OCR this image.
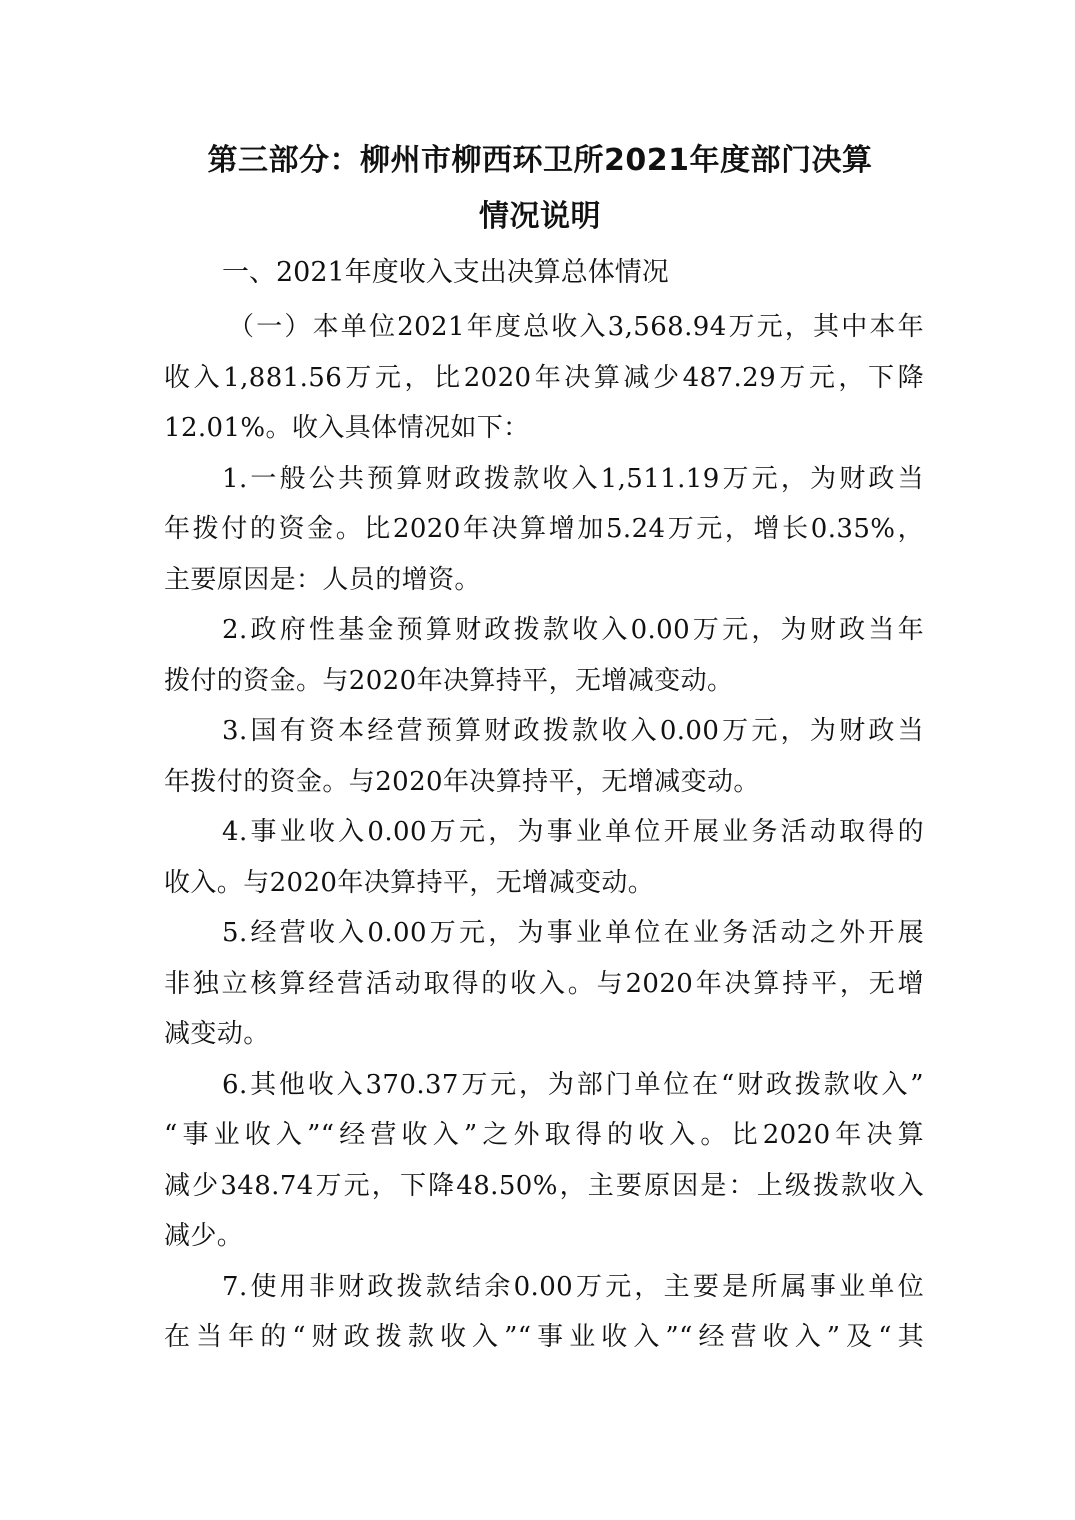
第三部分：柳州市柳西环卫所2021年度部门决算
情况说明
一、2021年度收入支出决算总体情况
（一）本单位2021年度总收入3,568.94万元，其中本年
收入1,881.56万元，比2020年决算减少487.29万元，下降
12.01%。收入具体情况如下：
1.一般公共预算财政拨款收入1,511.19万元，为财政当
年拨付的资金。比2020年决算增加5.24万元，增长0.35%，
主要原因是：人员的增资。
2.政府性基金预算财政拨款收入0.00万元，为财政当年
拨付的资金。与2020年决算持平，无增减变动。
3.国有资本经营预算财政拨款收入0.00万元，为财政当
年拨付的资金。与2020年决算持平，无增减变动。
4.事业收入0.00万元，为事业单位开展业务活动取得的
收入。与2020年决算持平，无增减变动。
5.经营收入0.00万元，为事业单位在业务活动之外开展
非独立核算经营活动取得的收入。与2020年决算持平，无增
减变动。
6.其他收入370.37万元，为部门单位在“财政拨款收入”
“事业收入”“经营收入”之外取得的收入。比2020年决算
减少348.74万元，下降48.50%，主要原因是：上级拨款收入
减少。
7.使用非财政拨款结余0.00万元，主要是所属事业单位
在当年的“财政拨款收入”“事业收入”“经营收入”及“其
